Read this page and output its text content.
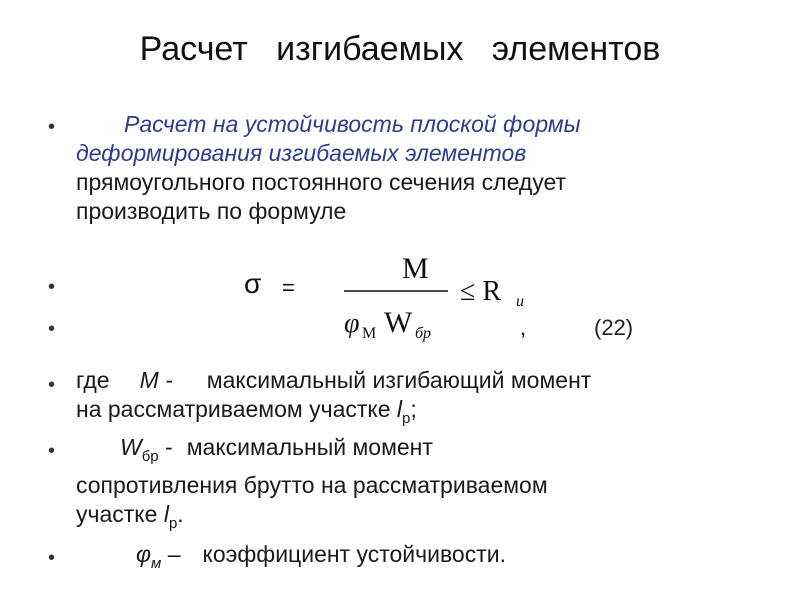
Расчет   изгибаемых   элементов
•	Расчет на устойчивость плоской формы
деформирования изгибаемых элементов
прямоугольного постоянного сечения следует
производить по формуле
•
•
σ =
M
φ M W бр
≤ R и
,	(22)
• где М - максимальный изгибающий момент
на рассматриваемом участке $l_р$;
•	$W_{бр}$ - максимальный момент
сопротивления брутто на рассматриваемом
участке $l_р$.
•	$\varphi_м$ – коэффициент устойчивости.
